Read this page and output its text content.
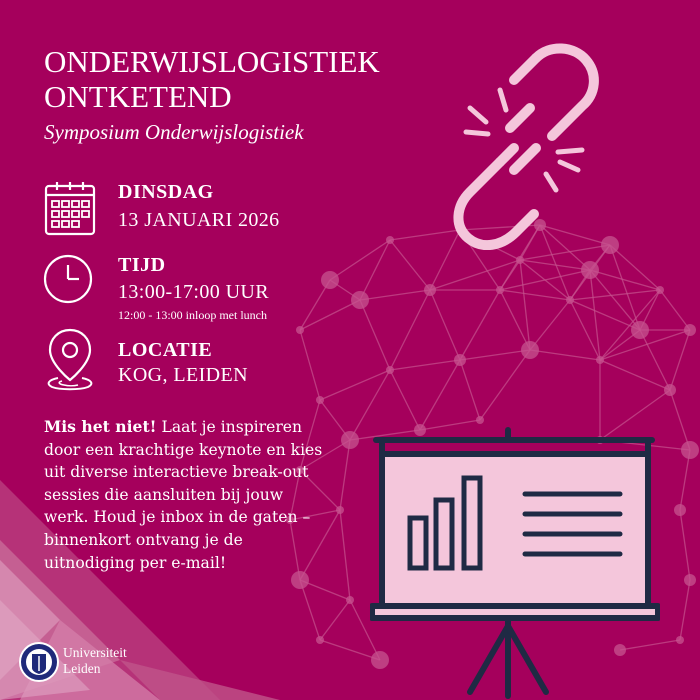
ONDERWIJSLOGISTIEK
ONTKETEND
Symposium Onderwijslogistiek
DINSDAG
13 JANUARI 2026
TIJD
13:00-17:00 UUR
12:00 - 13:00 inloop met lunch
LOCATIE
KOG, LEIDEN
Mis het niet! Laat je inspireren door een krachtige keynote en kies uit diverse interactieve break-out sessies die aansluiten bij jouw werk. Houd je inbox in de gaten – binnenkort ontvang je de uitnodiging per e-mail!
Universiteit
Leiden
